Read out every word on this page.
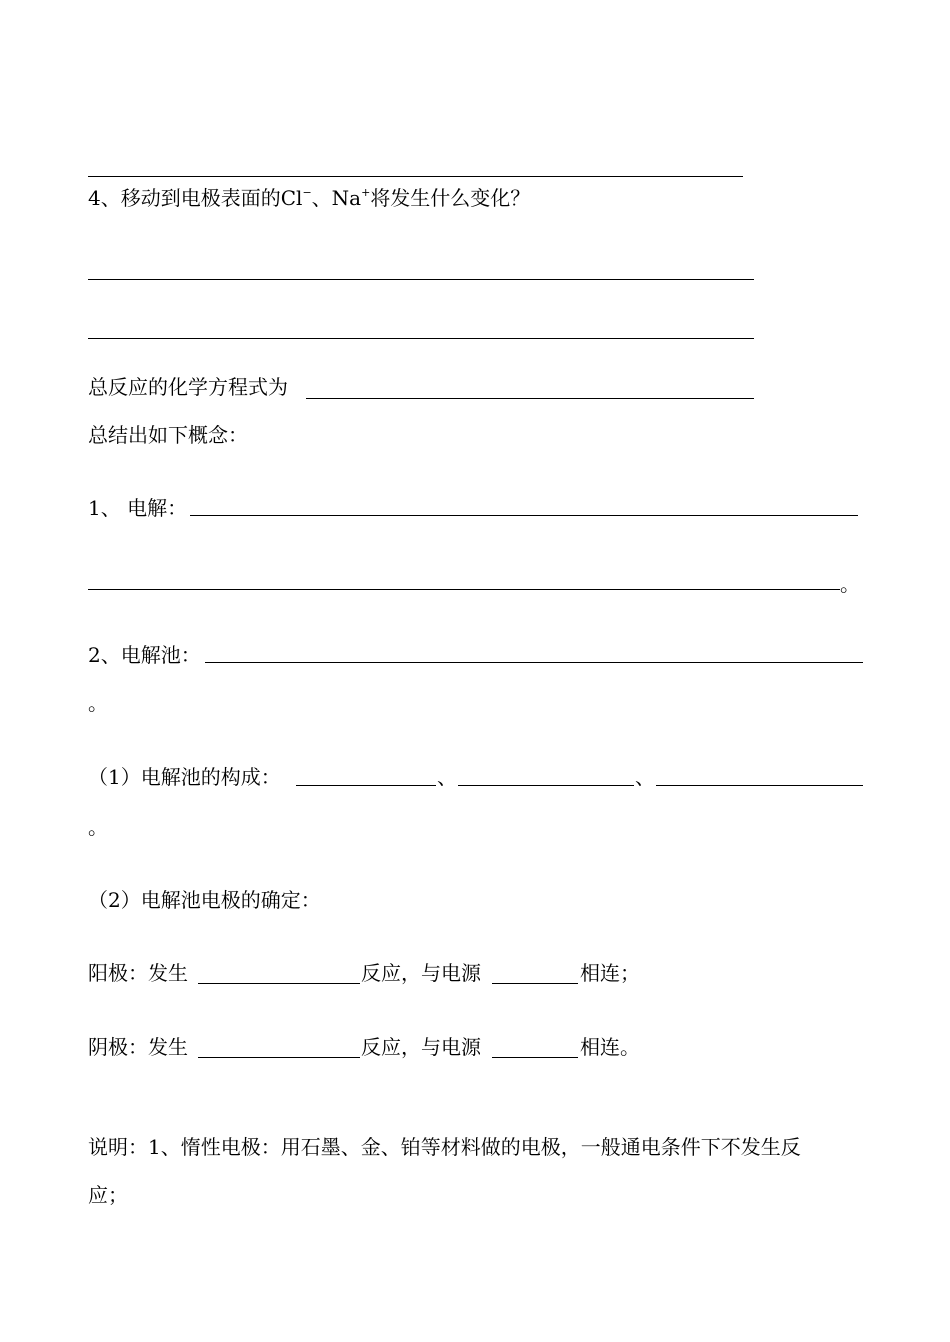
4、移动到电极表面的Cl−、Na+将发生什么变化？
总反应的化学方程式为
总结出如下概念：
1、 电解：
。
2、电解池：
。
（1）电解池的构成：	、	、
。
（2）电解池电极的确定：
阳极：发生	反应，与电源	相连；
阴极：发生	反应，与电源	相连。
说明：1、惰性电极：用石墨、金、铂等材料做的电极，一般通电条件下不发生反
应；
